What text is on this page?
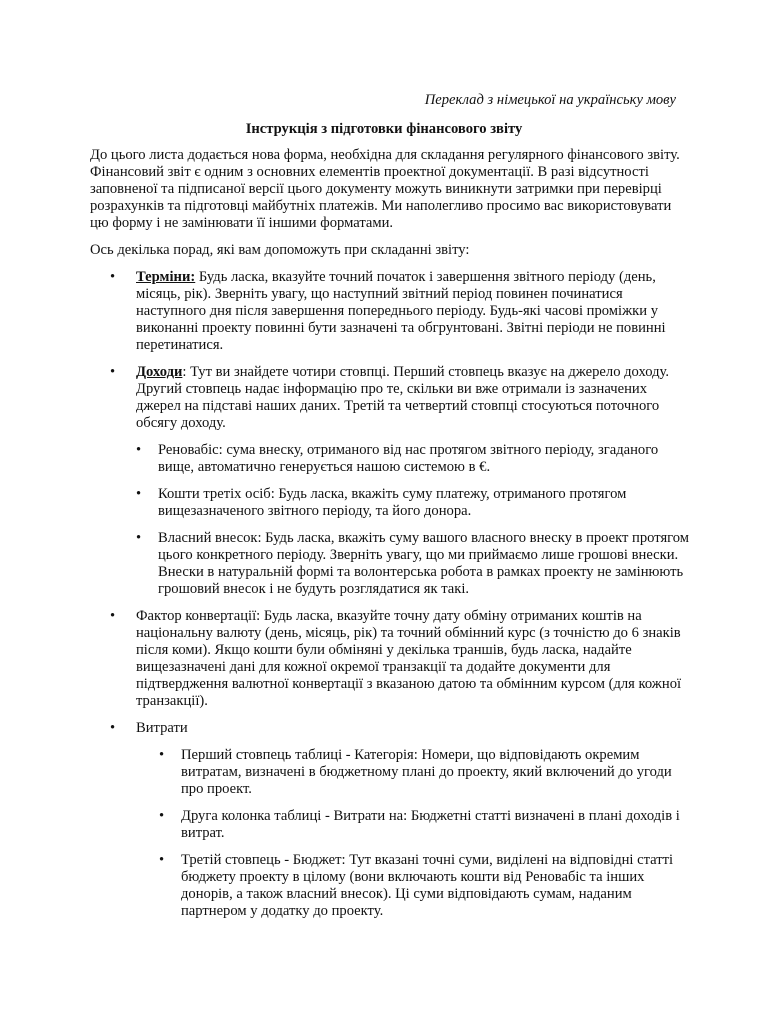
Переклад з німецької на українську мову
Інструкція з підготовки фінансового звіту

До цього листа додається нова форма, необхідна для складання регулярного фінансового звіту. Фінансовий звіт є одним з основних елементів проектної документації. В разі відсутності заповненої та підписаної версії цього документу можуть виникнути затримки при перевірці розрахунків та підготовці майбутніх платежів. Ми наполегливо просимо вас використовувати цю форму і не замінювати її іншими форматами.

Ось декілька порад, які вам допоможуть при складанні звіту:

• Терміни: Будь ласка, вказуйте точний початок і завершення звітного періоду (день, місяць, рік). Зверніть увагу, що наступний звітний період повинен починатися наступного дня після завершення попереднього періоду. Будь-які часові проміжки у виконанні проекту повинні бути зазначені та обгрунтовані. Звітні періоди не повинні перетинатися.
• Доходи: Тут ви знайдете чотири стовпці. Перший стовпець вказує на джерело доходу. Другий стовпець надає інформацію про те, скільки ви вже отримали із зазначених джерел на підставі наших даних. Третій та четвертий стовпці стосуються поточного обсягу доходу.
• Реновабіс: сума внеску, отриманого від нас протягом звітного періоду, згаданого вище, автоматично генерується нашою системою в €.
• Кошти третіх осіб: Будь ласка, вкажіть суму платежу, отриманого протягом вищезазначеного звітного періоду, та його донора.
• Власний внесок: Будь ласка, вкажіть суму вашого власного внеску в проект протягом цього конкретного періоду. Зверніть увагу, що ми приймаємо лише грошові внески. Внески в натуральній формі та волонтерська робота в рамках проекту не замінюють грошовий внесок і не будуть розглядатися як такі.
• Фактор конвертації: Будь ласка, вказуйте точну дату обміну отриманих коштів на національну валюту (день, місяць, рік) та точний обмінний курс (з точністю до 6 знаків після коми). Якщо кошти були обміняні у декілька траншів, будь ласка, надайте вищезазначені дані для кожної окремої транзакції та додайте документи для підтвердження валютної конвертації з вказаною датою та обмінним курсом (для кожної транзакції).
• Витрати
• Перший стовпець таблиці - Категорія: Номери, що відповідають окремим витратам, визначені в бюджетному плані до проекту, який включений до угоди про проект.
• Друга колонка таблиці - Витрати на: Бюджетні статті визначені в плані доходів і витрат.
• Третій стовпець - Бюджет: Тут вказані точні суми, виділені на відповідні статті бюджету проекту в цілому (вони включають кошти від Реновабіс та інших донорів, а також власний внесок). Ці суми відповідають сумам, наданим партнером у додатку до проекту.
